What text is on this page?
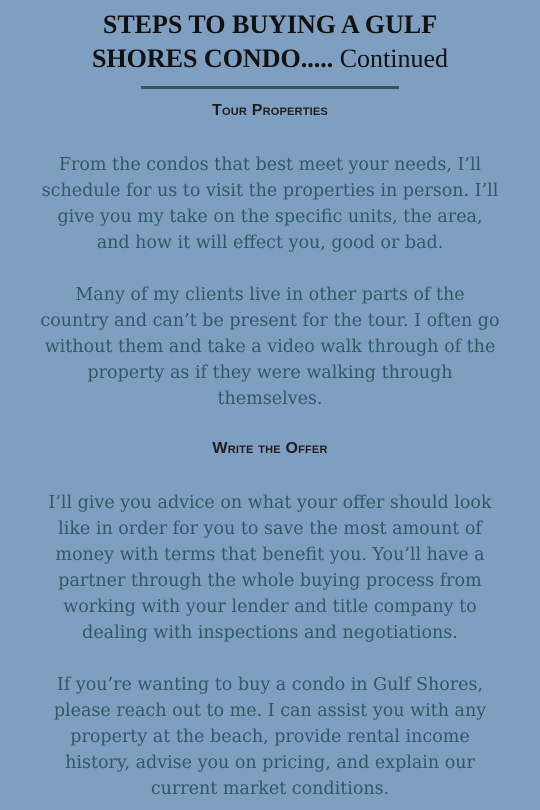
STEPS TO BUYING A GULF
SHORES CONDO..... Continued
Tour Properties

From the condos that best meet your needs, I’ll schedule for us to visit the properties in person. I’ll give you my take on the specific units, the area, and how it will effect you, good or bad.

Many of my clients live in other parts of the country and can’t be present for the tour. I often go without them and take a video walk through of the property as if they were walking through themselves.

Write the Offer

I’ll give you advice on what your offer should look like in order for you to save the most amount of money with terms that benefit you. You’ll have a partner through the whole buying process from working with your lender and title company to dealing with inspections and negotiations.

If you’re wanting to buy a condo in Gulf Shores, please reach out to me. I can assist you with any property at the beach, provide rental income history, advise you on pricing, and explain our current market conditions.
